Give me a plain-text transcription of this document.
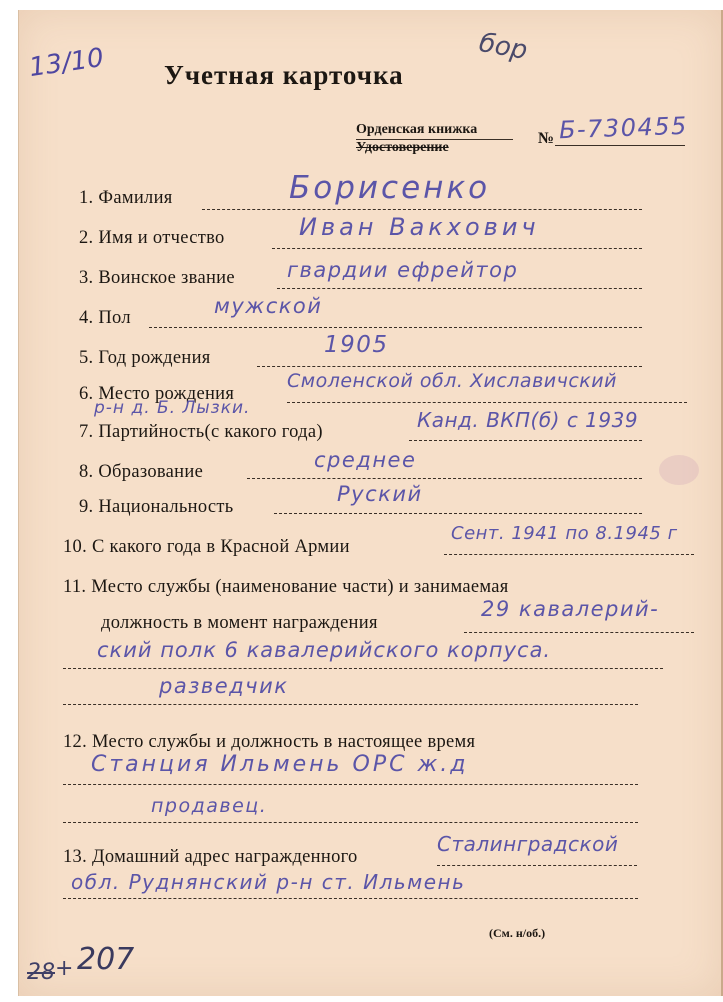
13/10	бор
Учетная карточка
Орденская книжка
Удостоверение
№ Б-730455
1. Фамилия	Борисенко
2. Имя и отчество	Иван Вакхович
3. Воинское звание гвардии ефрейтор
4. Пол	мужской
5. Год рождения	1905
6. Место рождения
Смоленской обл. Хиславичский
р-н д. Б. Лызки.
7. Партийность(с какого года)	Канд. ВКП(б) с 1939
8. Образование	среднее
9. Национальность
Руский
10. С какого года в Красной Армии
Сент. 1941 по 8.1945 г
11. Место службы (наименование части) и занимаемая
должность в момент награждения
29 кавалерий-
ский полк 6 кавалерийского корпуса.
разведчик
12. Место службы и должность в настоящее время
Станция Ильмень ОРС ж.д
продавец.
13. Домашний адрес награжденного
Сталинградской
обл. Руднянский р-н ст. Ильмень
(См. н/об.)
28 + 207
